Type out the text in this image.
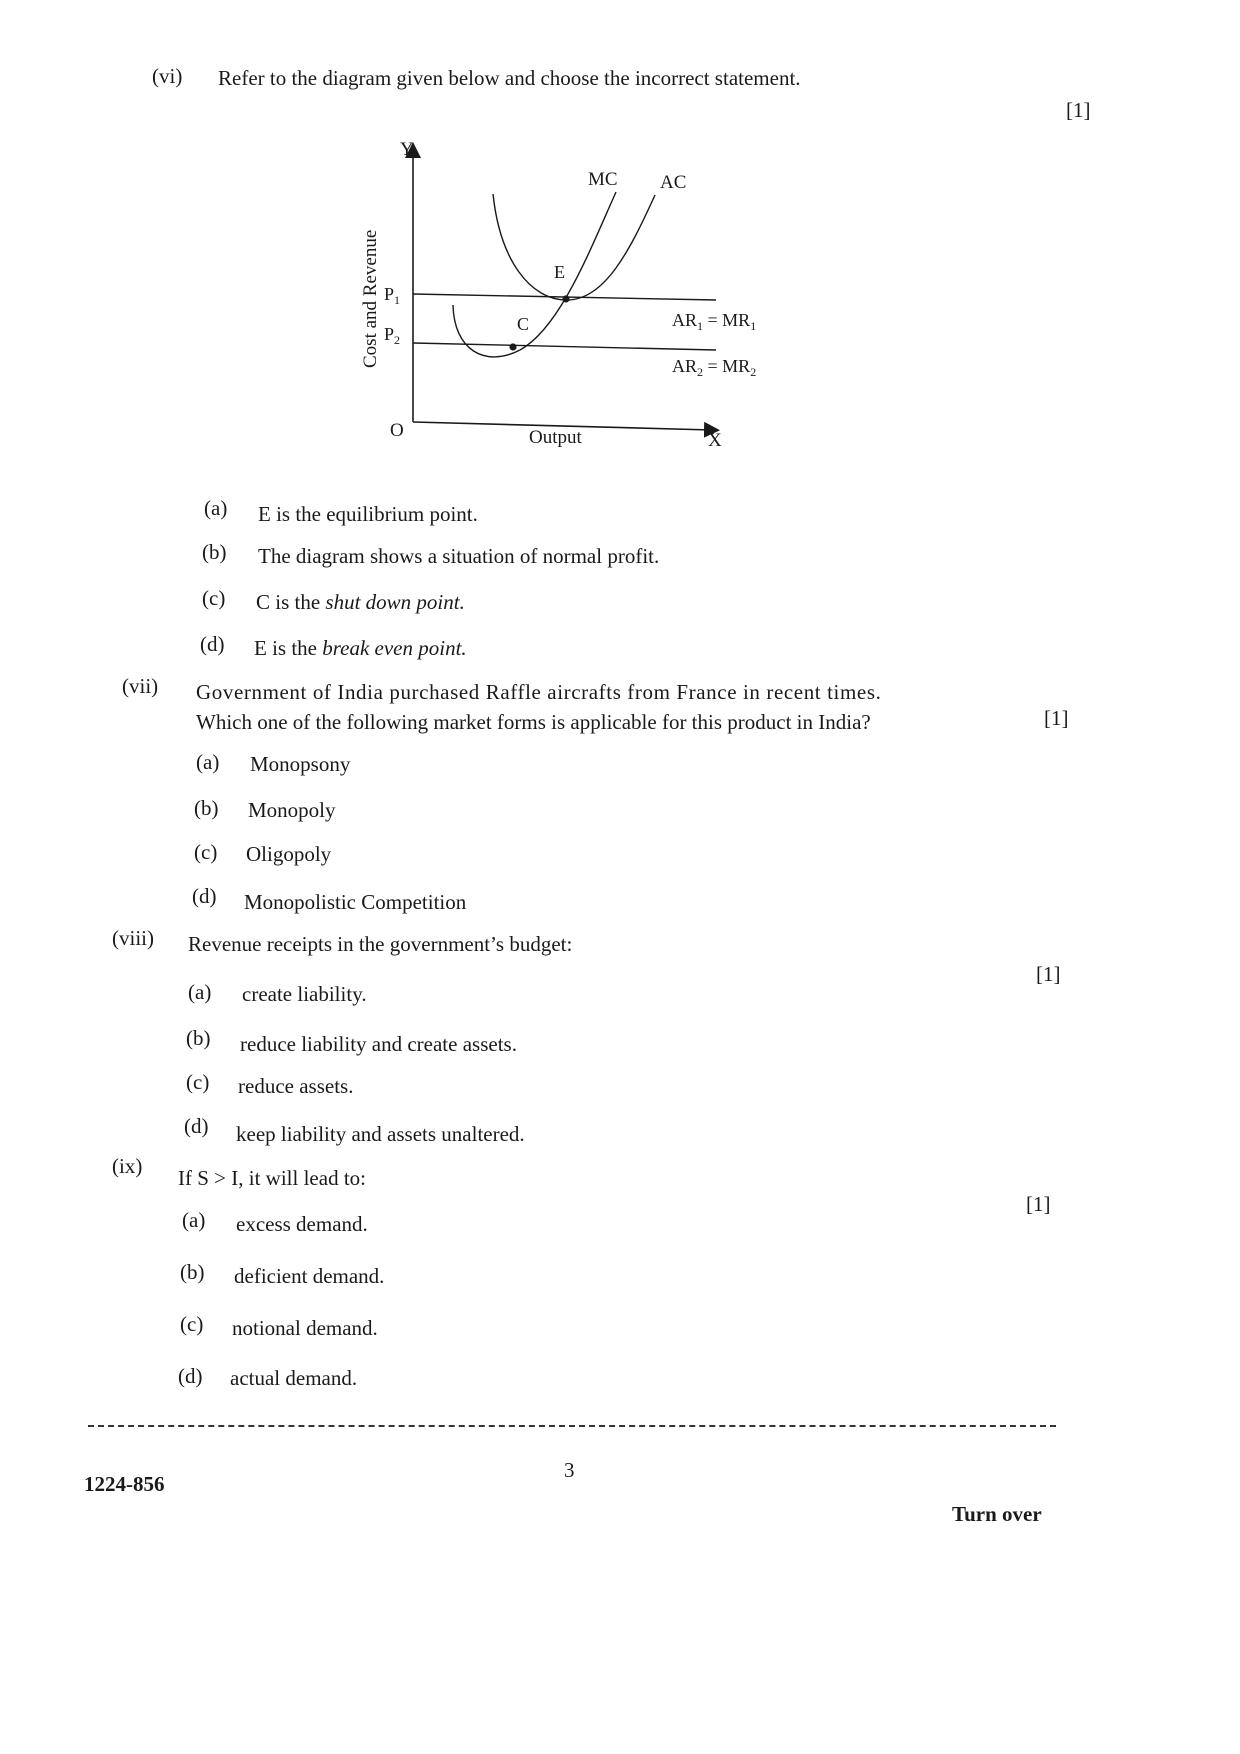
(vi) Refer to the diagram given below and choose the incorrect statement.
[1]
Y
X
O	Output
Cost and Revenue
MC AC
E
C
$P_1$
$P_2$
$AR_1 = MR_1$
$AR_2 = MR_2$
(a) E is the equilibrium point.
(b) The diagram shows a situation of normal profit.
(c) C is the shut down point.
(d) E is the break even point.
(vii) Government of India purchased Raffle aircrafts from France in recent times.
Which one of the following market forms is applicable for this product in India?	[1]
(a) Monopsony
(b) Monopoly
(c) Oligopoly
(d) Monopolistic Competition
(viii) Revenue receipts in the government’s budget:
[1]
(a) create liability.
(b) reduce liability and create assets.
(c) reduce assets.
(d) keep liability and assets unaltered.
(ix) If S > I, it will lead to:
[1]
(a) excess demand.
(b) deficient demand.
(c) notional demand.
(d) actual demand.
1224-856
3
Turn over
